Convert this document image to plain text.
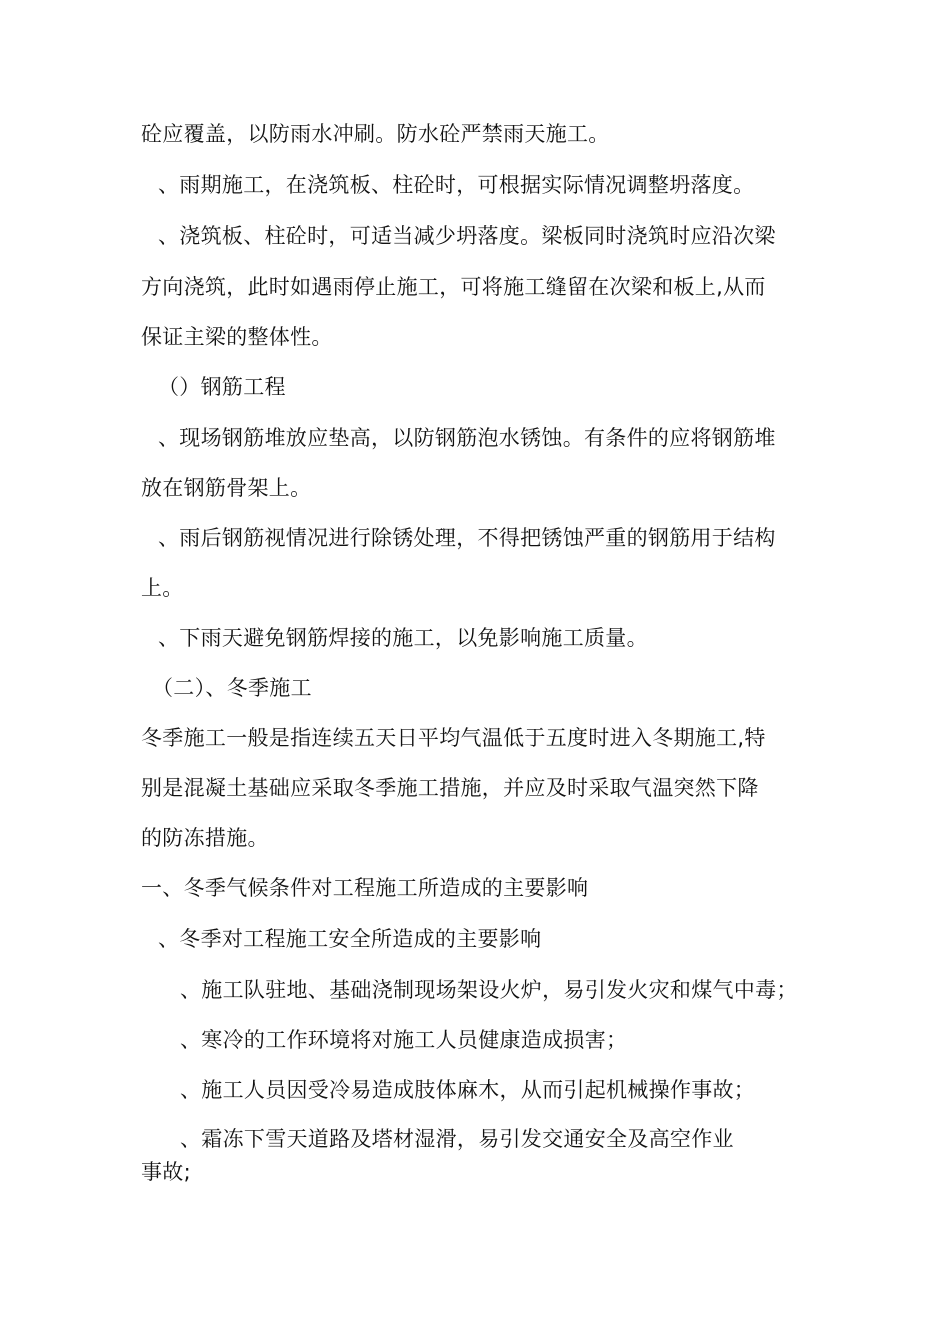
砼应覆盖，以防雨水冲刷。防水砼严禁雨天施工。
、雨期施工，在浇筑板、柱砼时，可根据实际情况调整坍落度。
、浇筑板、柱砼时，可适当减少坍落度。梁板同时浇筑时应沿次梁
方向浇筑，此时如遇雨停止施工，可将施工缝留在次梁和板上,从而
保证主梁的整体性。
（）钢筋工程
、现场钢筋堆放应垫高，以防钢筋泡水锈蚀。有条件的应将钢筋堆
放在钢筋骨架上。
、雨后钢筋视情况进行除锈处理，不得把锈蚀严重的钢筋用于结构
上。
、下雨天避免钢筋焊接的施工，以免影响施工质量。
（二）、冬季施工
冬季施工一般是指连续五天日平均气温低于五度时进入冬期施工,特
别是混凝土基础应采取冬季施工措施，并应及时采取气温突然下降
的防冻措施。
一、冬季气候条件对工程施工所造成的主要影响
、冬季对工程施工安全所造成的主要影响
、施工队驻地、基础浇制现场架设火炉，易引发火灾和煤气中毒；
、寒冷的工作环境将对施工人员健康造成损害；
、施工人员因受冷易造成肢体麻木，从而引起机械操作事故；
、霜冻下雪天道路及塔材湿滑，易引发交通安全及高空作业
事故;
